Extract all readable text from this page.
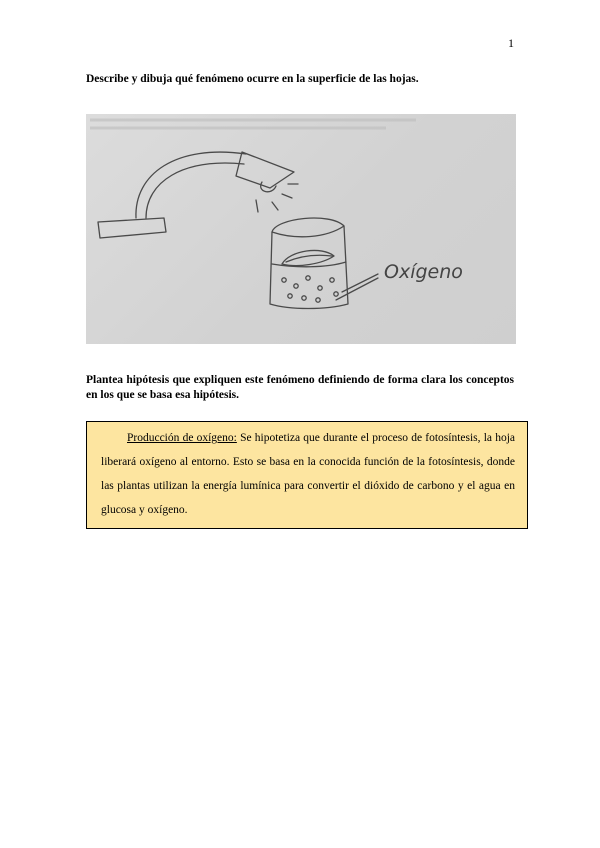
1
Describe y dibuja qué fenómeno ocurre en la superficie de las hojas.
Oxígeno
Plantea hipótesis que expliquen este fenómeno definiendo de forma clara los conceptos en los que se basa esa hipótesis.
Producción de oxígeno: Se hipotetiza que durante el proceso de fotosíntesis, la hoja liberará oxígeno al entorno. Esto se basa en la conocida función de la fotosíntesis, donde las plantas utilizan la energía lumínica para convertir el dióxido de carbono y el agua en glucosa y oxígeno.
